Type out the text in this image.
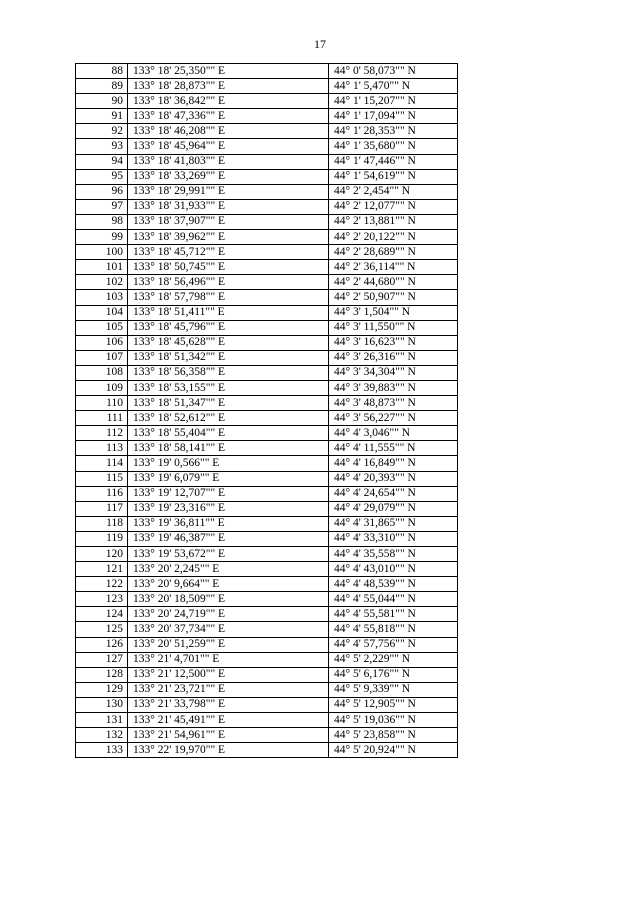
17
88	133° 18' 25,350"" E	44° 0' 58,073"" N
89	133° 18' 28,873"" E	44° 1' 5,470"" N
90	133° 18' 36,842"" E	44° 1' 15,207"" N
91	133° 18' 47,336"" E	44° 1' 17,094"" N
92	133° 18' 46,208"" E	44° 1' 28,353"" N
93	133° 18' 45,964"" E	44° 1' 35,680"" N
94	133° 18' 41,803"" E	44° 1' 47,446"" N
95	133° 18' 33,269"" E	44° 1' 54,619"" N
96	133° 18' 29,991"" E	44° 2' 2,454"" N
97	133° 18' 31,933"" E	44° 2' 12,077"" N
98	133° 18' 37,907"" E	44° 2' 13,881"" N
99	133° 18' 39,962"" E	44° 2' 20,122"" N
100	133° 18' 45,712"" E	44° 2' 28,689"" N
101	133° 18' 50,745"" E	44° 2' 36,114"" N
102	133° 18' 56,496"" E	44° 2' 44,680"" N
103	133° 18' 57,798"" E	44° 2' 50,907"" N
104	133° 18' 51,411"" E	44° 3' 1,504"" N
105	133° 18' 45,796"" E	44° 3' 11,550"" N
106	133° 18' 45,628"" E	44° 3' 16,623"" N
107	133° 18' 51,342"" E	44° 3' 26,316"" N
108	133° 18' 56,358"" E	44° 3' 34,304"" N
109	133° 18' 53,155"" E	44° 3' 39,883"" N
110	133° 18' 51,347"" E	44° 3' 48,873"" N
111	133° 18' 52,612"" E	44° 3' 56,227"" N
112	133° 18' 55,404"" E	44° 4' 3,046"" N
113	133° 18' 58,141"" E	44° 4' 11,555"" N
114	133° 19' 0,566"" E	44° 4' 16,849"" N
115	133° 19' 6,079"" E	44° 4' 20,393"" N
116	133° 19' 12,707"" E	44° 4' 24,654"" N
117	133° 19' 23,316"" E	44° 4' 29,079"" N
118	133° 19' 36,811"" E	44° 4' 31,865"" N
119	133° 19' 46,387"" E	44° 4' 33,310"" N
120	133° 19' 53,672"" E	44° 4' 35,558"" N
121	133° 20' 2,245"" E	44° 4' 43,010"" N
122	133° 20' 9,664"" E	44° 4' 48,539"" N
123	133° 20' 18,509"" E	44° 4' 55,044"" N
124	133° 20' 24,719"" E	44° 4' 55,581"" N
125	133° 20' 37,734"" E	44° 4' 55,818"" N
126	133° 20' 51,259"" E	44° 4' 57,756"" N
127	133° 21' 4,701"" E	44° 5' 2,229"" N
128	133° 21' 12,500"" E	44° 5' 6,176"" N
129	133° 21' 23,721"" E	44° 5' 9,339"" N
130	133° 21' 33,798"" E	44° 5' 12,905"" N
131	133° 21' 45,491"" E	44° 5' 19,036"" N
132	133° 21' 54,961"" E	44° 5' 23,858"" N
133	133° 22' 19,970"" E	44° 5' 20,924"" N
